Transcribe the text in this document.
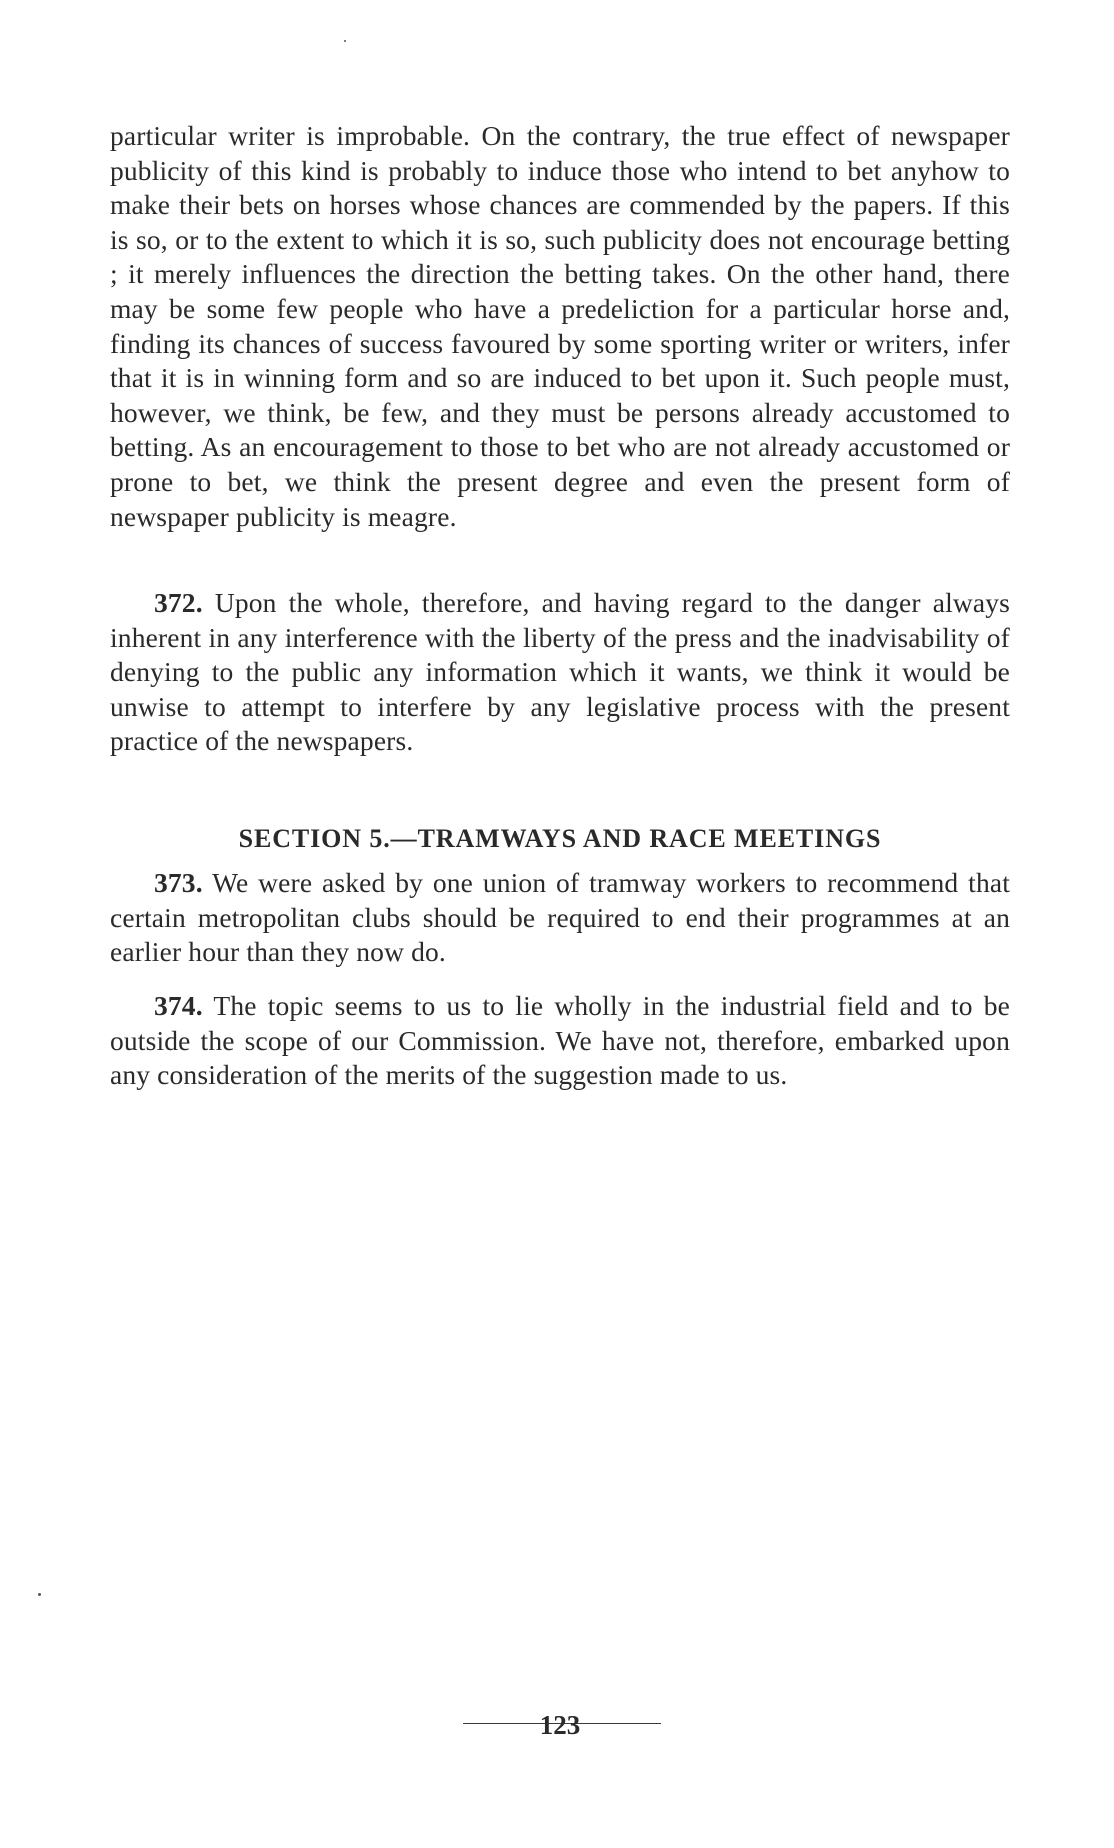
particular writer is improbable. On the contrary, the true effect of newspaper publicity of this kind is probably to induce those who intend to bet anyhow to make their bets on horses whose chances are commended by the papers. If this is so, or to the extent to which it is so, such publicity does not encourage betting ; it merely influences the direction the betting takes. On the other hand, there may be some few people who have a predeliction for a particular horse and, finding its chances of success favoured by some sporting writer or writers, infer that it is in winning form and so are induced to bet upon it. Such people must, however, we think, be few, and they must be persons already accustomed to betting. As an encouragement to those to bet who are not already accustomed or prone to bet, we think the present degree and even the present form of newspaper publicity is meagre.

372. Upon the whole, therefore, and having regard to the danger always inherent in any interference with the liberty of the press and the inadvisability of denying to the public any information which it wants, we think it would be unwise to attempt to interfere by any legislative process with the present practice of the newspapers.

SECTION 5.—TRAMWAYS AND RACE MEETINGS

373. We were asked by one union of tramway workers to recommend that certain metropolitan clubs should be required to end their programmes at an earlier hour than they now do.

374. The topic seems to us to lie wholly in the industrial field and to be outside the scope of our Commission. We have not, therefore, embarked upon any consideration of the merits of the suggestion made to us.

123
